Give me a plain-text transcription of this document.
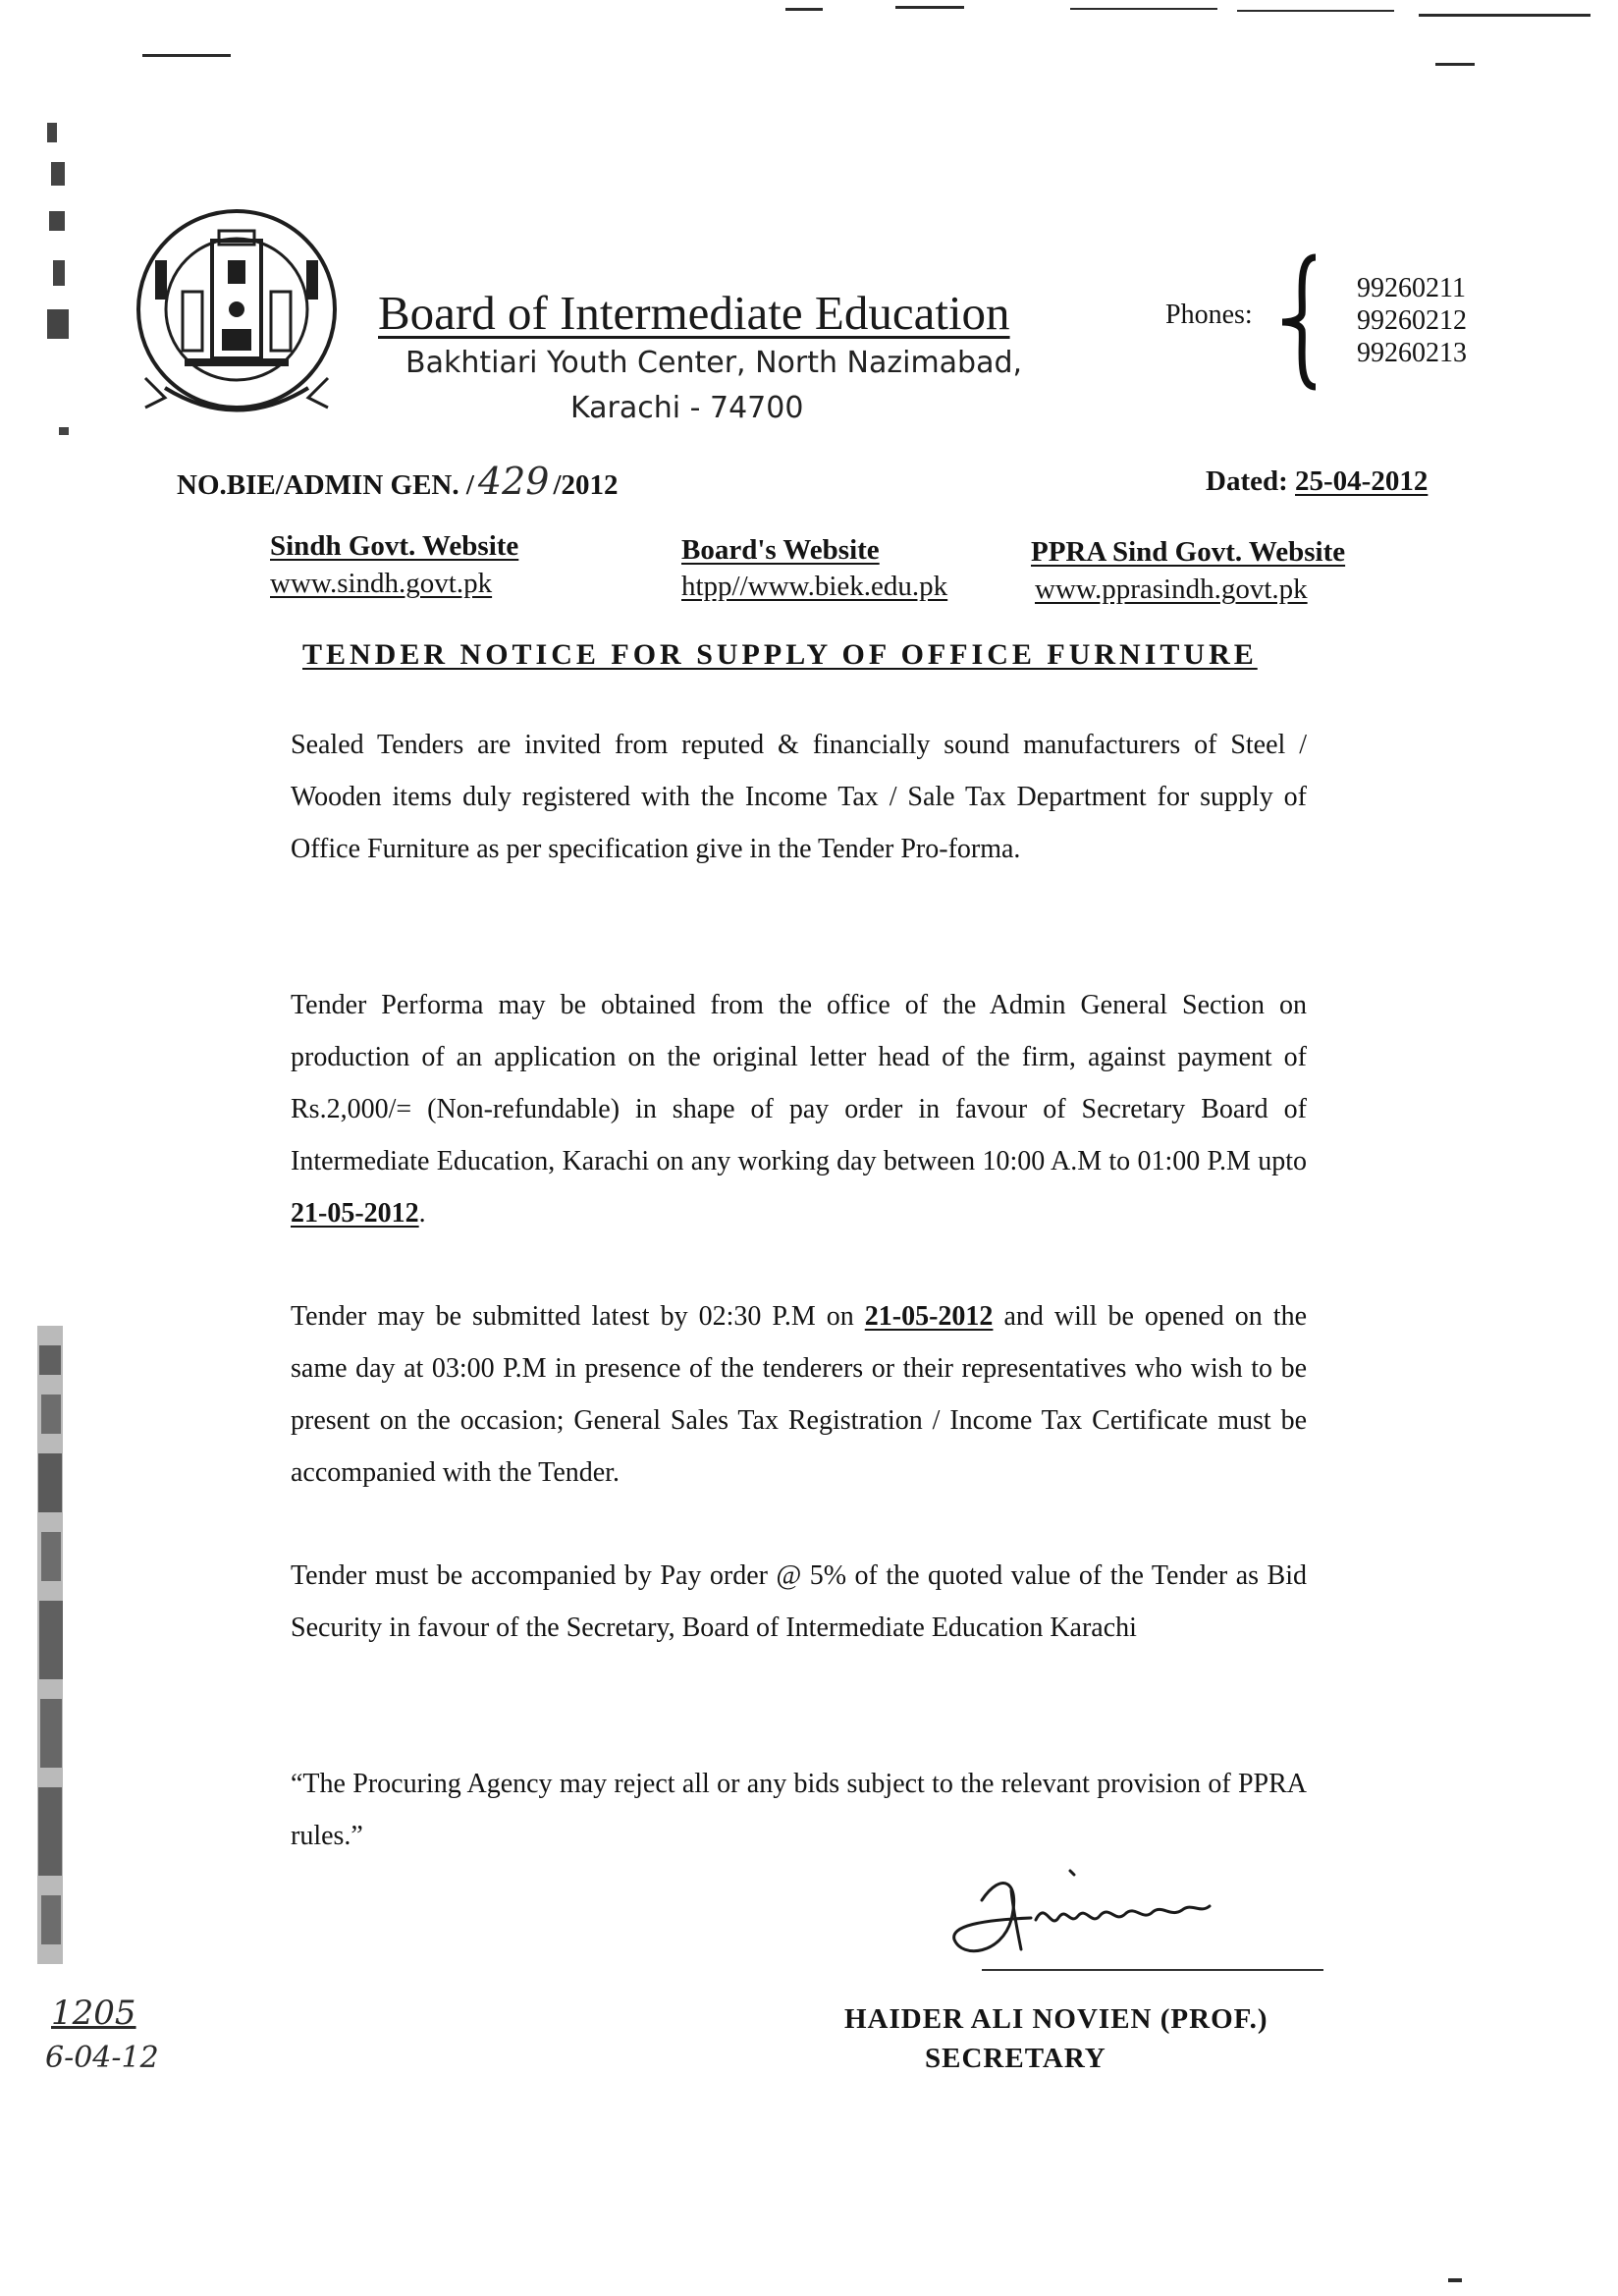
Board of Intermediate Education
Bakhtiari Youth Center, North Nazimabad,
Karachi - 74700
Phones:
99260211
99260212
99260213
NO.BIE/ADMIN GEN. / 429 /2012	Dated: 25-04-2012
Sindh Govt. Website
www.sindh.govt.pk
Board's Website
htpp//www.biek.edu.pk
PPRA Sind Govt. Website
www.pprasindh.govt.pk
TENDER NOTICE FOR SUPPLY OF OFFICE FURNITURE

Sealed Tenders are invited from reputed & financially sound manufacturers of Steel / Wooden items duly registered with the Income Tax / Sale Tax Department for supply of Office Furniture as per specification give in the Tender Pro-forma.

Tender Performa may be obtained from the office of the Admin General Section on production of an application on the original letter head of the firm, against payment of Rs.2,000/= (Non-refundable) in shape of pay order in favour of Secretary Board of Intermediate Education, Karachi on any working day between 10:00 A.M to 01:00 P.M upto 21-05-2012.

Tender may be submitted latest by 02:30 P.M on 21-05-2012 and will be opened on the same day at 03:00 P.M in presence of the tenderers or their representatives who wish to be present on the occasion; General Sales Tax Registration / Income Tax Certificate must be accompanied with the Tender.

Tender must be accompanied by Pay order @ 5% of the quoted value of the Tender as Bid Security in favour of the Secretary, Board of Intermediate Education Karachi

“The Procuring Agency may reject all or any bids subject to the relevant provision of PPRA rules.”

HAIDER ALI NOVIEN (PROF.)
SECRETARY
1205
6-04-12
